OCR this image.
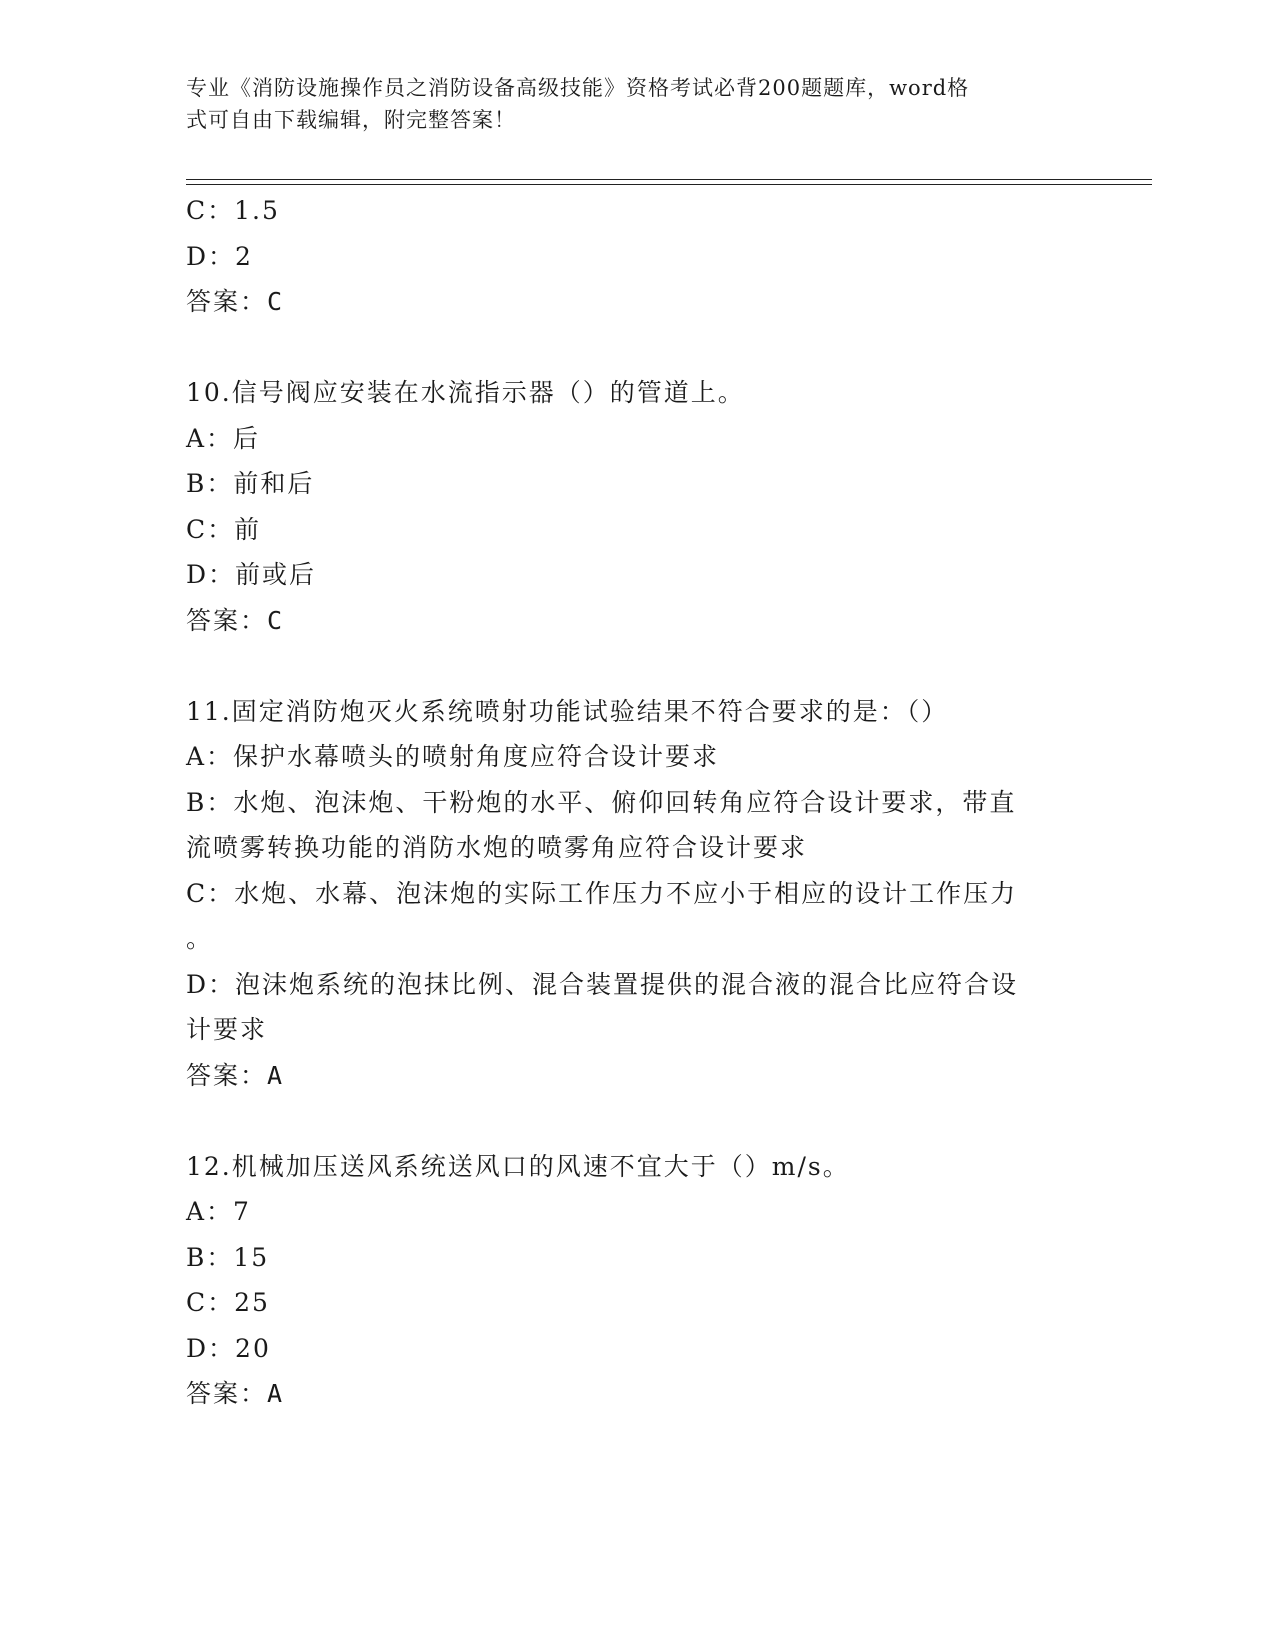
专业《消防设施操作员之消防设备高级技能》资格考试必背200题题库，word格
式可自由下载编辑，附完整答案！
C：1.5
D：2
答案：C
10.信号阀应安装在水流指示器（）的管道上。
A：后
B：前和后
C：前
D：前或后
答案：C
11.固定消防炮灭火系统喷射功能试验结果不符合要求的是：（）
A：保护水幕喷头的喷射角度应符合设计要求
B：水炮、泡沫炮、干粉炮的水平、俯仰回转角应符合设计要求，带直
流喷雾转换功能的消防水炮的喷雾角应符合设计要求
C：水炮、水幕、泡沫炮的实际工作压力不应小于相应的设计工作压力
。
D：泡沫炮系统的泡抹比例、混合装置提供的混合液的混合比应符合设
计要求
答案：A
12.机械加压送风系统送风口的风速不宜大于（）m/s。
A：7
B：15
C：25
D：20
答案：A
